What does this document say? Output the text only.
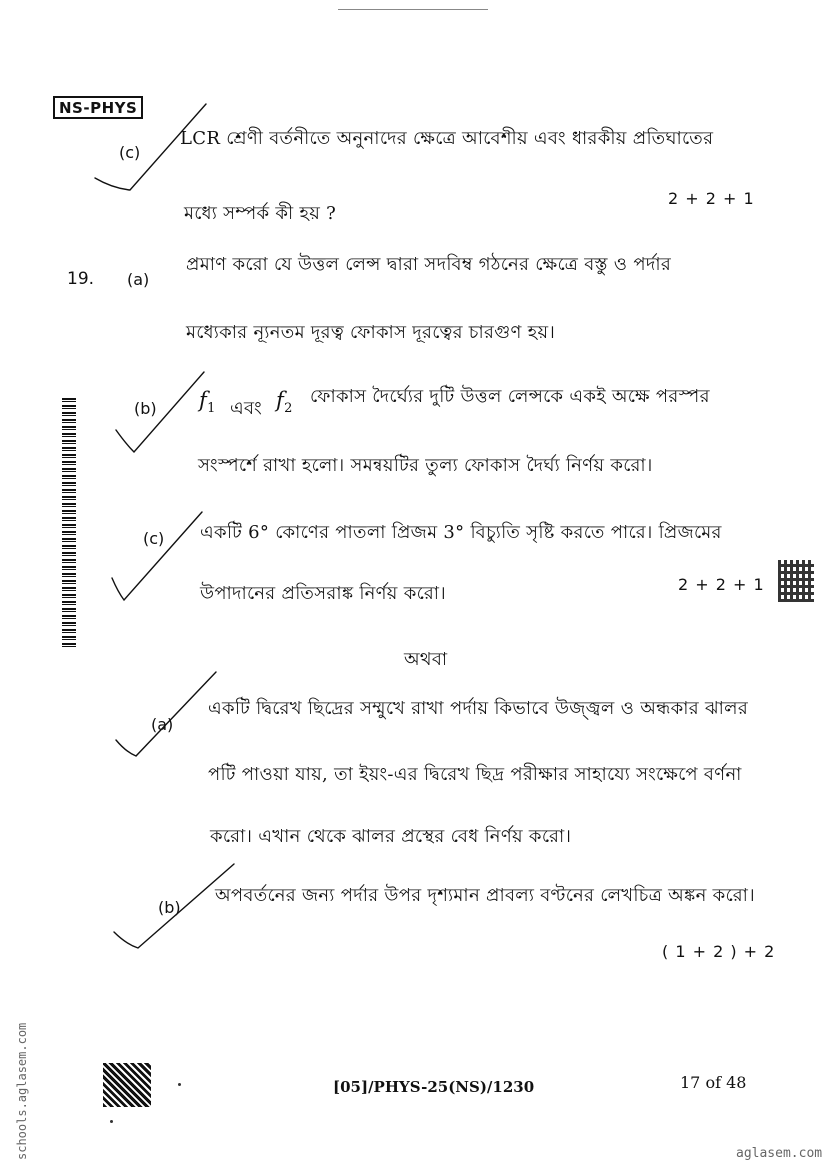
NS-PHYS
(c)
LCR শ্রেণী বর্তনীতে অনুনাদের ক্ষেত্রে আবেশীয় এবং ধারকীয় প্রতিঘাতের
মধ্যে সম্পর্ক কী হয় ?
2 + 2 + 1
19. (a)
প্রমাণ করো যে উত্তল লেন্স দ্বারা সদবিম্ব গঠনের ক্ষেত্রে বস্তু ও পর্দার
মধ্যেকার ন্যূনতম দূরত্ব ফোকাস দূরত্বের চারগুণ হয়।
(b) $f_1$ এবং $f_2$
ফোকাস দৈর্ঘ্যের দুটি উত্তল লেন্সকে একই অক্ষে পরস্পর
সংস্পর্শে রাখা হলো। সমন্বয়টির তুল্য ফোকাস দৈর্ঘ্য নির্ণয় করো।
(c) একটি 6° কোণের পাতলা প্রিজম 3° বিচ্যুতি সৃষ্টি করতে পারে। প্রিজমের
উপাদানের প্রতিসরাঙ্ক নির্ণয় করো।	2 + 2 + 1
অথবা
(a)
একটি দ্বিরেখ ছিদ্রের সম্মুখে রাখা পর্দায় কিভাবে উজ্জ্বল ও অন্ধকার ঝালর
পটি পাওয়া যায়, তা ইয়ং-এর দ্বিরেখ ছিদ্র পরীক্ষার সাহায্যে সংক্ষেপে বর্ণনা
করো। এখান থেকে ঝালর প্রস্থের বেধ নির্ণয় করো।
(b)
অপবর্তনের জন্য পর্দার উপর দৃশ্যমান প্রাবল্য বণ্টনের লেখচিত্র অঙ্কন করো।
( 1 + 2 ) + 2
[05]/PHYS-25(NS)/1230	17 of 48
schools.aglasem.com	aglasem.com
